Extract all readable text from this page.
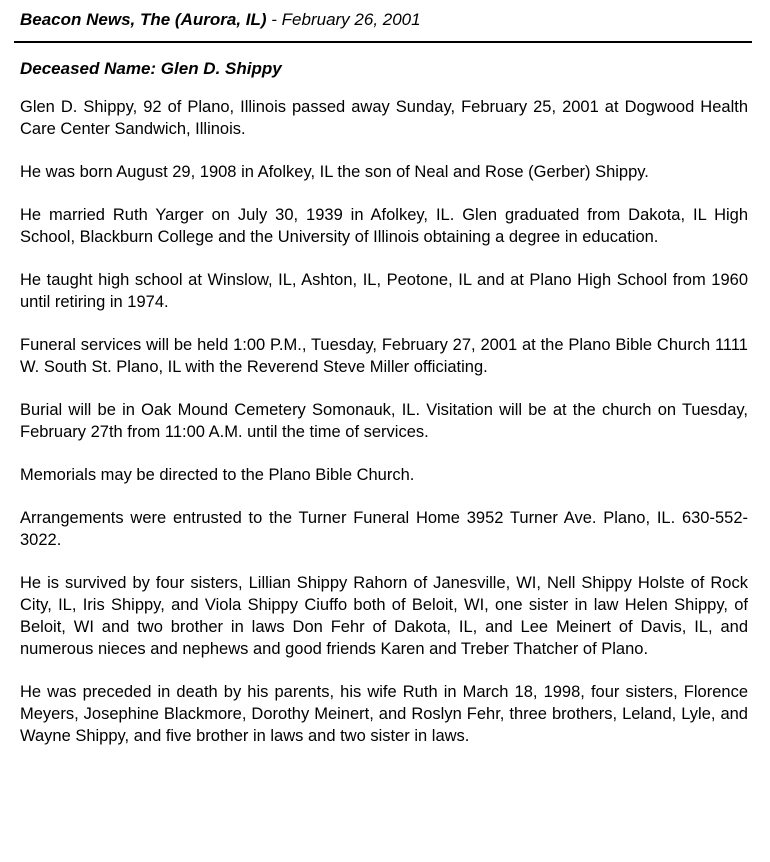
Beacon News, The (Aurora, IL) - February 26, 2001
Deceased Name: Glen D. Shippy

Glen D. Shippy, 92 of Plano, Illinois passed away Sunday, February 25, 2001 at Dogwood Health Care Center Sandwich, Illinois.

He was born August 29, 1908 in Afolkey, IL the son of Neal and Rose (Gerber) Shippy.

He married Ruth Yarger on July 30, 1939 in Afolkey, IL. Glen graduated from Dakota, IL High School, Blackburn College and the University of Illinois obtaining a degree in education.

He taught high school at Winslow, IL, Ashton, IL, Peotone, IL and at Plano High School from 1960 until retiring in 1974.

Funeral services will be held 1:00 P.M., Tuesday, February 27, 2001 at the Plano Bible Church 1111 W. South St. Plano, IL with the Reverend Steve Miller officiating.

Burial will be in Oak Mound Cemetery Somonauk, IL. Visitation will be at the church on Tuesday, February 27th from 11:00 A.M. until the time of services.

Memorials may be directed to the Plano Bible Church.

Arrangements were entrusted to the Turner Funeral Home 3952 Turner Ave. Plano, IL. 630-552-3022.

He is survived by four sisters, Lillian Shippy Rahorn of Janesville, WI, Nell Shippy Holste of Rock City, IL, Iris Shippy, and Viola Shippy Ciuffo both of Beloit, WI, one sister in law Helen Shippy, of Beloit, WI and two brother in laws Don Fehr of Dakota, IL, and Lee Meinert of Davis, IL, and numerous nieces and nephews and good friends Karen and Treber Thatcher of Plano.

He was preceded in death by his parents, his wife Ruth in March 18, 1998, four sisters, Florence Meyers, Josephine Blackmore, Dorothy Meinert, and Roslyn Fehr, three brothers, Leland, Lyle, and Wayne Shippy, and five brother in laws and two sister in laws.
